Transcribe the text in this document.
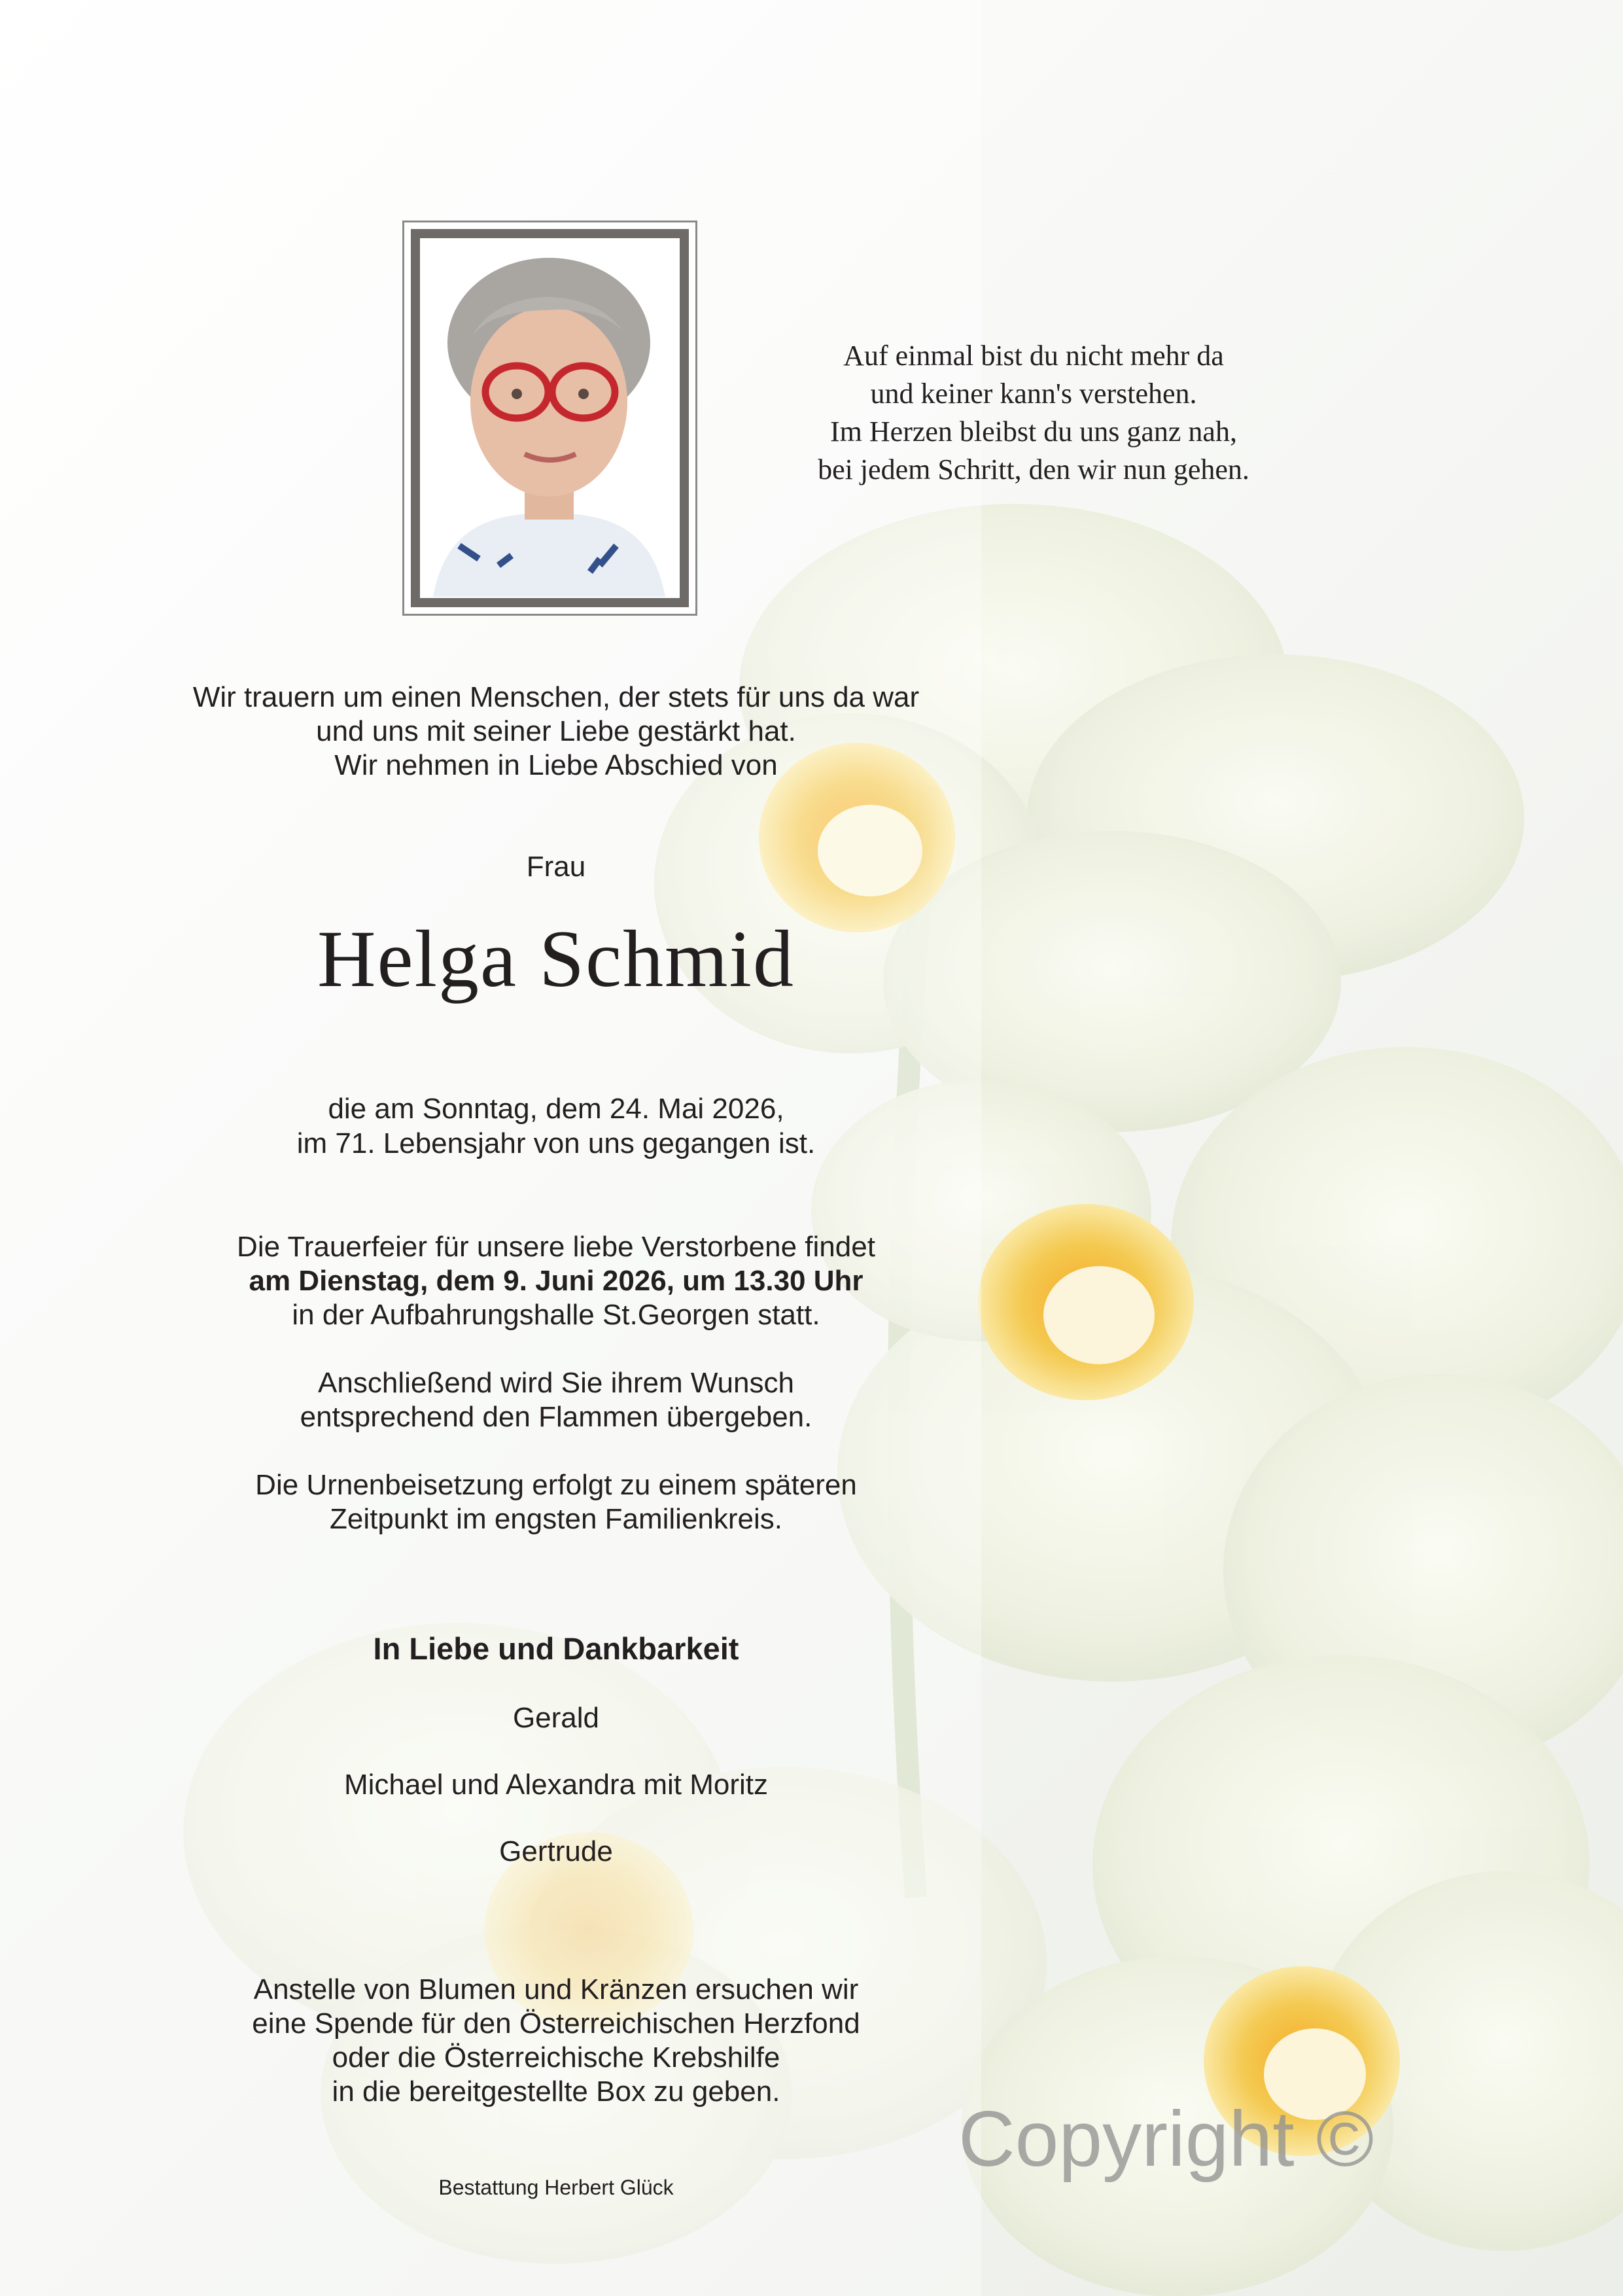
Auf einmal bist du nicht mehr da
und keiner kann's verstehen.
Im Herzen bleibst du uns ganz nah,
bei jedem Schritt, den wir nun gehen.
Wir trauern um einen Menschen, der stets für uns da war
und uns mit seiner Liebe gestärkt hat.
Wir nehmen in Liebe Abschied von
Frau
Helga Schmid
die am Sonntag, dem 24. Mai 2026,
im 71. Lebensjahr von uns gegangen ist.
Die Trauerfeier für unsere liebe Verstorbene findet
am Dienstag, dem 9. Juni 2026, um 13.30 Uhr
in der Aufbahrungshalle St.Georgen statt.
Anschließend wird Sie ihrem Wunsch
entsprechend den Flammen übergeben.
Die Urnenbeisetzung erfolgt zu einem späteren
Zeitpunkt im engsten Familienkreis.
In Liebe und Dankbarkeit
Gerald
Michael und Alexandra mit Moritz
Gertrude
Anstelle von Blumen und Kränzen ersuchen wir
eine Spende für den Österreichischen Herzfond
oder die Österreichische Krebshilfe
in die bereitgestellte Box zu geben.
Bestattung Herbert Glück
Copyright ©
